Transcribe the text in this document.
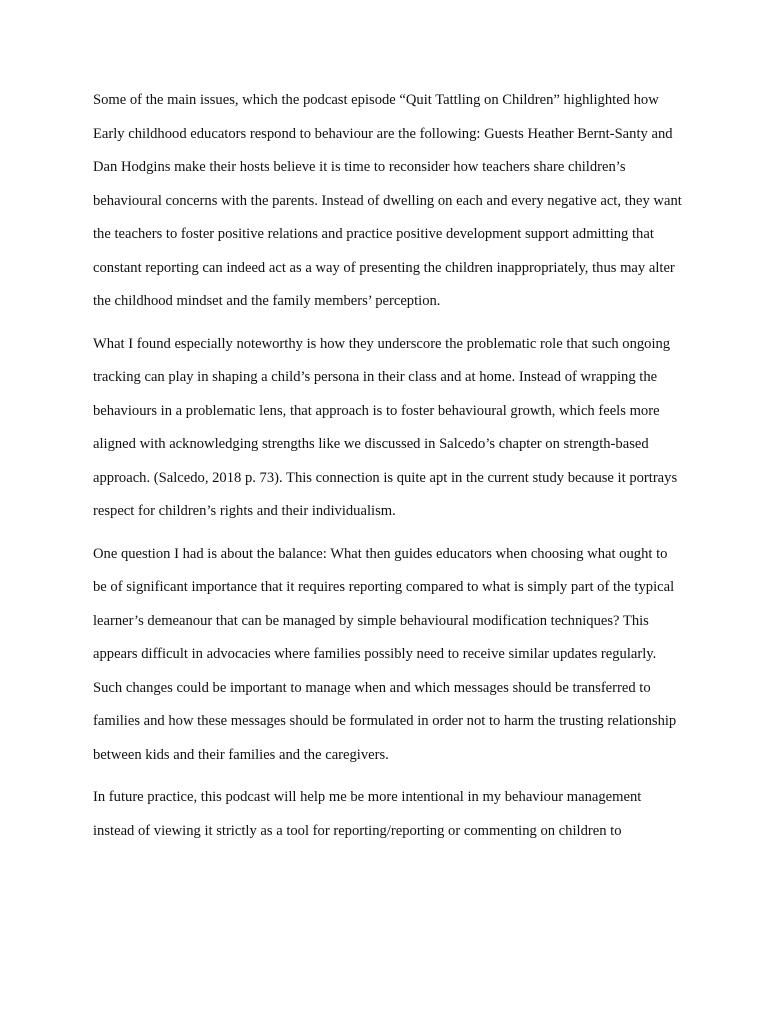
Some of the main issues, which the podcast episode “Quit Tattling on Children” highlighted how Early childhood educators respond to behaviour are the following: Guests Heather Bernt-Santy and Dan Hodgins make their hosts believe it is time to reconsider how teachers share children’s behavioural concerns with the parents. Instead of dwelling on each and every negative act, they want the teachers to foster positive relations and practice positive development support admitting that constant reporting can indeed act as a way of presenting the children inappropriately, thus may alter the childhood mindset and the family members’ perception.

What I found especially noteworthy is how they underscore the problematic role that such ongoing tracking can play in shaping a child’s persona in their class and at home. Instead of wrapping the behaviours in a problematic lens, that approach is to foster behavioural growth, which feels more aligned with acknowledging strengths like we discussed in Salcedo’s chapter on strength-based approach. (Salcedo, 2018 p. 73). This connection is quite apt in the current study because it portrays respect for children’s rights and their individualism.

One question I had is about the balance: What then guides educators when choosing what ought to be of significant importance that it requires reporting compared to what is simply part of the typical learner’s demeanour that can be managed by simple behavioural modification techniques? This appears difficult in advocacies where families possibly need to receive similar updates regularly. Such changes could be important to manage when and which messages should be transferred to families and how these messages should be formulated in order not to harm the trusting relationship between kids and their families and the caregivers.

In future practice, this podcast will help me be more intentional in my behaviour management instead of viewing it strictly as a tool for reporting/reporting or commenting on children to
